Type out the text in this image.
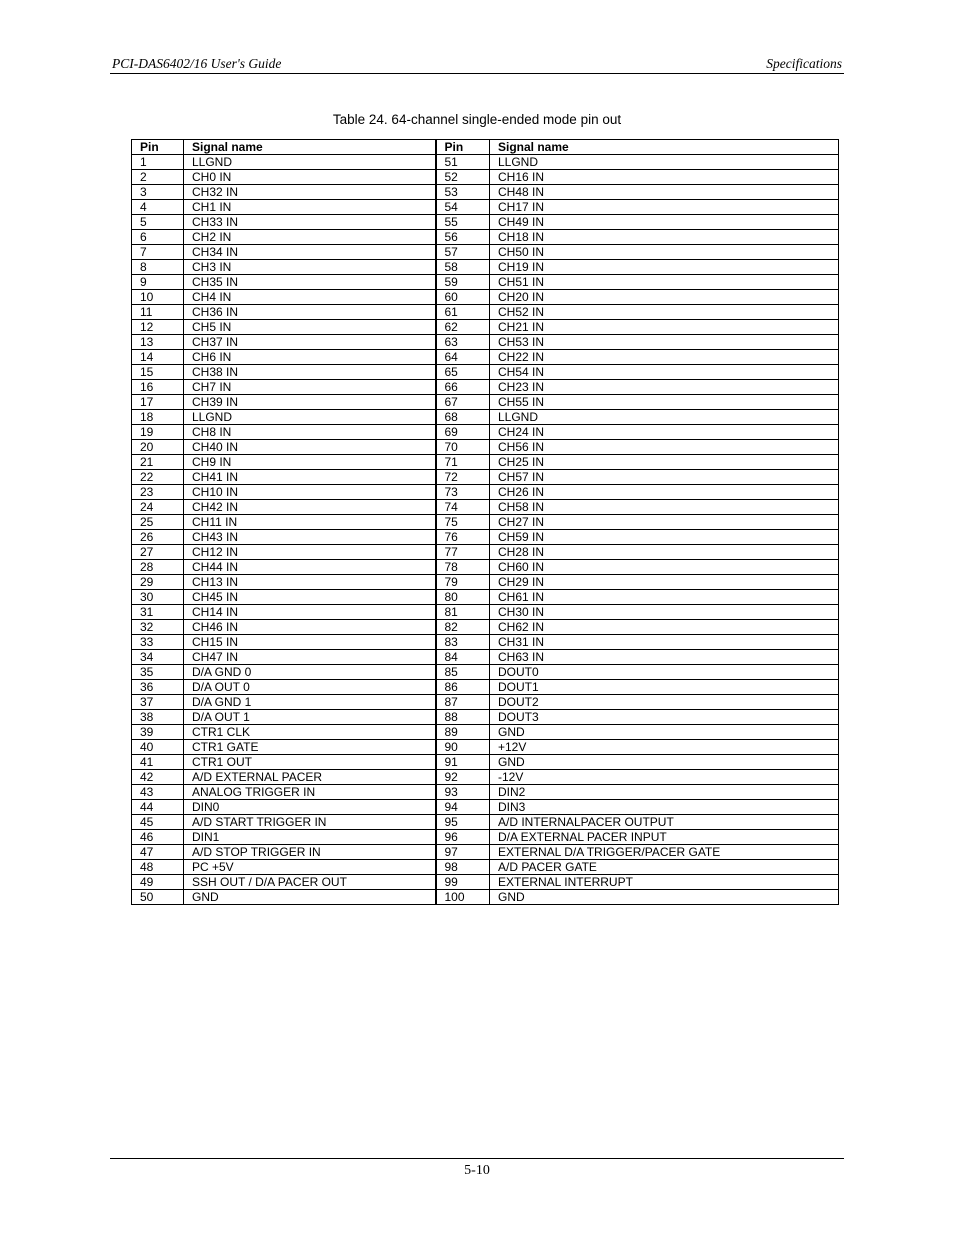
PCI-DAS6402/16 User's Guide	Specifications
Table 24. 64-channel single-ended mode pin out
Pin	Signal name	Pin	Signal name
1	LLGND	51	LLGND
2	CH0 IN	52	CH16 IN
3	CH32 IN	53	CH48 IN
4	CH1 IN	54	CH17 IN
5	CH33 IN	55	CH49 IN
6	CH2 IN	56	CH18 IN
7	CH34 IN	57	CH50 IN
8	CH3 IN	58	CH19 IN
9	CH35 IN	59	CH51 IN
10	CH4 IN	60	CH20 IN
11	CH36 IN	61	CH52 IN
12	CH5 IN	62	CH21 IN
13	CH37 IN	63	CH53 IN
14	CH6 IN	64	CH22 IN
15	CH38 IN	65	CH54 IN
16	CH7 IN	66	CH23 IN
17	CH39 IN	67	CH55 IN
18	LLGND	68	LLGND
19	CH8 IN	69	CH24 IN
20	CH40 IN	70	CH56 IN
21	CH9 IN	71	CH25 IN
22	CH41 IN	72	CH57 IN
23	CH10 IN	73	CH26 IN
24	CH42 IN	74	CH58 IN
25	CH11 IN	75	CH27 IN
26	CH43 IN	76	CH59 IN
27	CH12 IN	77	CH28 IN
28	CH44 IN	78	CH60 IN
29	CH13 IN	79	CH29 IN
30	CH45 IN	80	CH61 IN
31	CH14 IN	81	CH30 IN
32	CH46 IN	82	CH62 IN
33	CH15 IN	83	CH31 IN
34	CH47 IN	84	CH63 IN
35	D/A GND 0	85	DOUT0
36	D/A OUT 0	86	DOUT1
37	D/A GND 1	87	DOUT2
38	D/A OUT 1	88	DOUT3
39	CTR1 CLK	89	GND
40	CTR1 GATE	90	+12V
41	CTR1 OUT	91	GND
42	A/D EXTERNAL PACER	92	-12V
43	ANALOG TRIGGER IN	93	DIN2
44	DIN0	94	DIN3
45	A/D START TRIGGER IN	95	A/D INTERNALPACER OUTPUT
46	DIN1	96	D/A EXTERNAL PACER INPUT
47	A/D STOP TRIGGER IN	97	EXTERNAL D/A TRIGGER/PACER GATE
48	PC +5V	98	A/D PACER GATE
49	SSH OUT / D/A PACER OUT	99	EXTERNAL INTERRUPT
50	GND	100	GND
5-10
